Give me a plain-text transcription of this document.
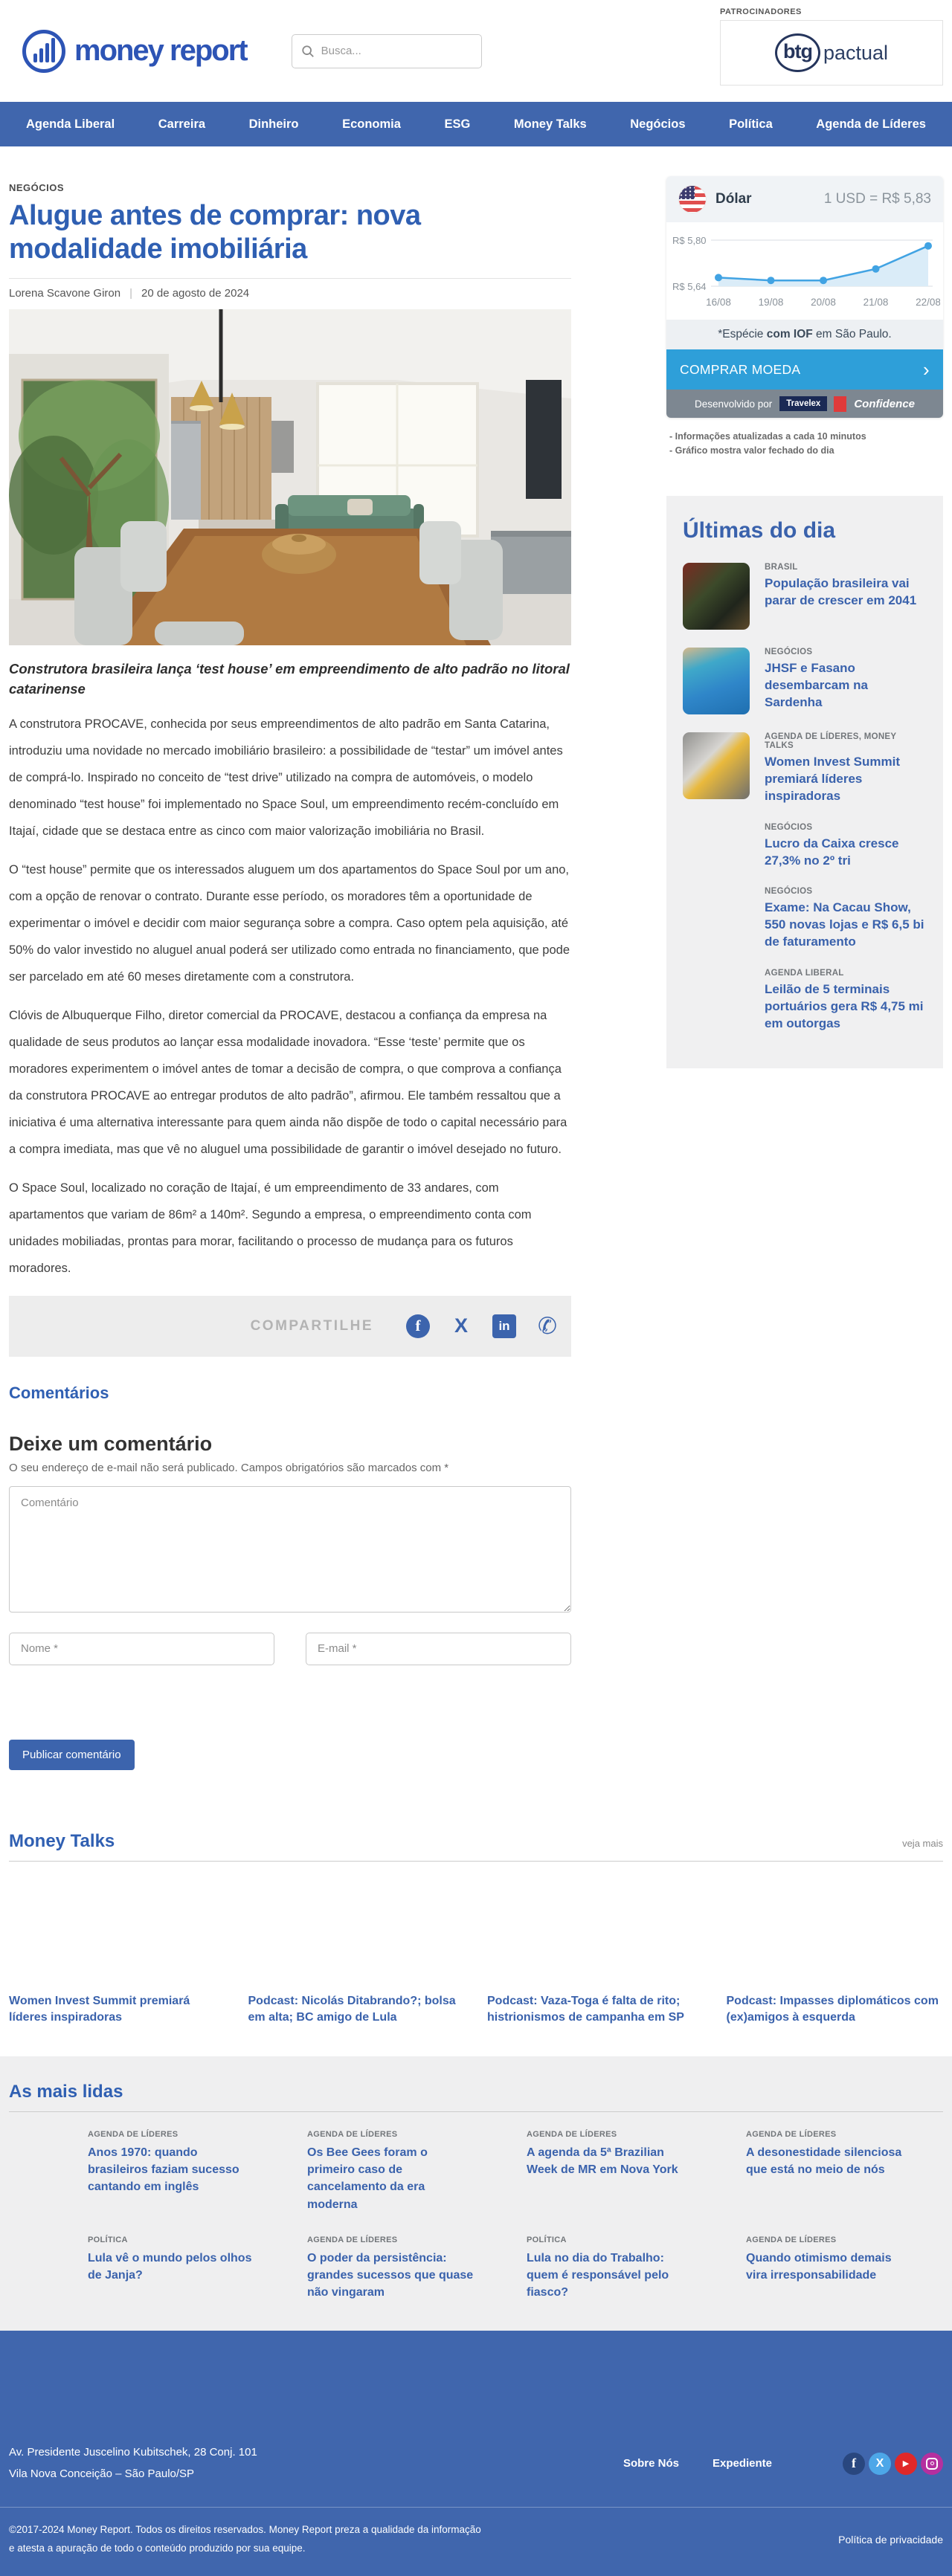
money report
Busca...
PATROCINADORES
btg pactual
Agenda Liberal	Carreira	Dinheiro	Economia	ESG	Money Talks	Negócios	Política	Agenda de Líderes
NEGÓCIOS
Alugue antes de comprar: nova modalidade imobiliária
Lorena Scavone Giron | 20 de agosto de 2024
Construtora brasileira lança ‘test house’ em empreendimento de alto padrão no litoral catarinense

A construtora PROCAVE, conhecida por seus empreendimentos de alto padrão em Santa Catarina, introduziu uma novidade no mercado imobiliário brasileiro: a possibilidade de “testar” um imóvel antes de comprá-lo. Inspirado no conceito de “test drive” utilizado na compra de automóveis, o modelo denominado “test house” foi implementado no Space Soul, um empreendimento recém-concluído em Itajaí, cidade que se destaca entre as cinco com maior valorização imobiliária no Brasil.

O “test house” permite que os interessados aluguem um dos apartamentos do Space Soul por um ano, com a opção de renovar o contrato. Durante esse período, os moradores têm a oportunidade de experimentar o imóvel e decidir com maior segurança sobre a compra. Caso optem pela aquisição, até 50% do valor investido no aluguel anual poderá ser utilizado como entrada no financiamento, que pode ser parcelado em até 60 meses diretamente com a construtora.

Clóvis de Albuquerque Filho, diretor comercial da PROCAVE, destacou a confiança da empresa na qualidade de seus produtos ao lançar essa modalidade inovadora. “Esse ‘teste’ permite que os moradores experimentem o imóvel antes de tomar a decisão de compra, o que comprova a confiança da construtora PROCAVE ao entregar produtos de alto padrão”, afirmou. Ele também ressaltou que a iniciativa é uma alternativa interessante para quem ainda não dispõe de todo o capital necessário para a compra imediata, mas que vê no aluguel uma possibilidade de garantir o imóvel desejado no futuro.

O Space Soul, localizado no coração de Itajaí, é um empreendimento de 33 andares, com apartamentos que variam de 86m² a 140m². Segundo a empresa, o empreendimento conta com unidades mobiliadas, prontas para morar, facilitando o processo de mudança para os futuros moradores.

COMPARTILHE	f	X	in ✆
Comentários
Deixe um comentário
O seu endereço de e-mail não será publicado. Campos obrigatórios são marcados com *
Comentário
Nome *
E-mail *
Publicar comentário
Dólar	1 USD = R$ 5,83
R$ 5,80
R$ 5,64
16/08	19/08	20/08	21/08	22/08
*Espécie com IOF em São Paulo.
COMPRAR MOEDA	›
Desenvolvido por	Travelex	Confidence
- Informações atualizadas a cada 10 minutos
- Gráfico mostra valor fechado do dia
Últimas do dia
BRASIL
População brasileira vai parar de crescer em 2041
NEGÓCIOS
JHSF e Fasano desembarcam na Sardenha
AGENDA DE LÍDERES, MONEY TALKS
Women Invest Summit premiará líderes inspiradoras
NEGÓCIOS
Lucro da Caixa cresce 27,3% no 2º tri
NEGÓCIOS
Exame: Na Cacau Show, 550 novas lojas e R$ 6,5 bi de faturamento
AGENDA LIBERAL
Leilão de 5 terminais portuários gera R$ 4,75 mi em outorgas
Money Talks	veja mais
Women Invest Summit premiará líderes inspiradoras
Podcast: Nicolás Ditabrando?; bolsa em alta; BC amigo de Lula
Podcast: Vaza-Toga é falta de rito; histrionismos de campanha em SP
Podcast: Impasses diplomáticos com (ex)amigos à esquerda
As mais lidas
AGENDA DE LÍDERES
Anos 1970: quando brasileiros faziam sucesso cantando em inglês
AGENDA DE LÍDERES
Os Bee Gees foram o primeiro caso de cancelamento da era moderna
AGENDA DE LÍDERES
A agenda da 5ª Brazilian Week de MR em Nova York
AGENDA DE LÍDERES
A desonestidade silenciosa que está no meio de nós
POLÍTICA
Lula vê o mundo pelos olhos de Janja?
AGENDA DE LÍDERES
O poder da persistência: grandes sucessos que quase não vingaram
POLÍTICA
Lula no dia do Trabalho: quem é responsável pelo fiasco?
AGENDA DE LÍDERES
Quando otimismo demais vira irresponsabilidade
Av. Presidente Juscelino Kubitschek, 28 Conj. 101
Vila Nova Conceição – São Paulo/SP
Sobre Nós	Expediente	f	X	▶
©2017-2024 Money Report. Todos os direitos reservados. Money Report preza a qualidade da informação
e atesta a apuração de todo o conteúdo produzido por sua equipe.
Política de privacidade
